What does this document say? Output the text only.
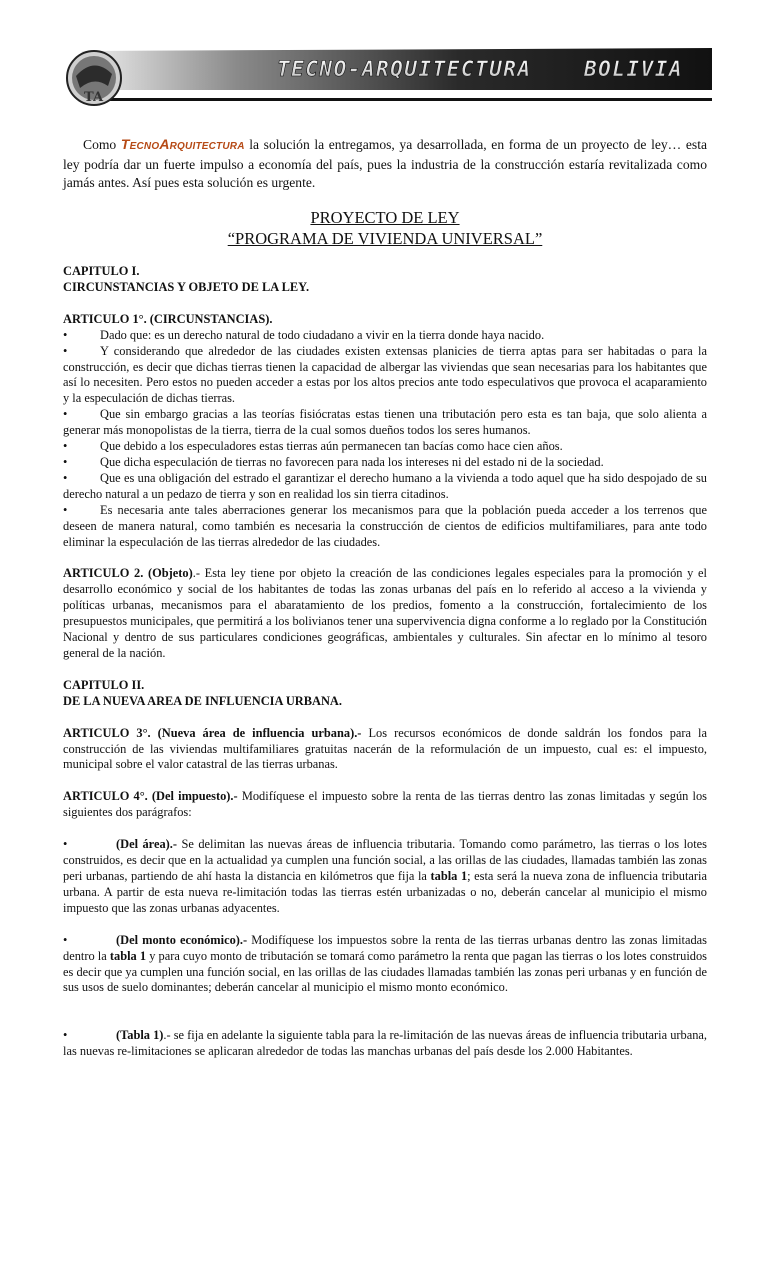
TA
TECNO-ARQUITECTURA BOLIVIA

Como TECNOARQUITECTURA la solución la entregamos, ya desarrollada, en forma de un proyecto de ley… esta ley podría dar un fuerte impulso a economía del país, pues la industria de la construcción estaría revitalizada como jamás antes. Así pues esta solución es urgente.

PROYECTO DE LEY
“PROGRAMA DE VIVIENDA UNIVERSAL”
CAPITULO I.
CIRCUNSTANCIAS Y OBJETO DE LA LEY.
ARTICULO 1°. (CIRCUNSTANCIAS).

•	Dado que: es un derecho natural de todo ciudadano a vivir en la tierra donde haya nacido.

•	Y considerando que alrededor de las ciudades existen extensas planicies de tierra aptas para ser habitadas o para la construcción, es decir que dichas tierras tienen la capacidad de albergar las viviendas que sean necesarias para los habitantes que así lo necesiten. Pero estos no pueden acceder a estas por los altos precios ante todo especulativos que provoca el acaparamiento y la especulación de dichas tierras.

•	Que sin embargo gracias a las teorías fisiócratas estas tienen una tributación pero esta es tan baja, que solo alienta a generar más monopolistas de la tierra, tierra de la cual somos dueños todos los seres humanos.

•	Que debido a los especuladores estas tierras aún permanecen tan bacías como hace cien años.

•	Que dicha especulación de tierras no favorecen para nada los intereses ni del estado ni de la sociedad.

•	Que es una obligación del estrado el garantizar el derecho humano a la vivienda a todo aquel que ha sido despojado de su derecho natural a un pedazo de tierra y son en realidad los sin tierra citadinos.

•	Es necesaria ante tales aberraciones generar los mecanismos para que la población pueda acceder a los terrenos que deseen de manera natural, como también es necesaria la construcción de cientos de edificios multifamiliares, para ante todo eliminar la especulación de las tierras alrededor de las ciudades.

ARTICULO 2. (Objeto).- Esta ley tiene por objeto la creación de las condiciones legales especiales para la promoción y el desarrollo económico y social de los habitantes de todas las zonas urbanas del país en lo referido al acceso a la vivienda y políticas urbanas, mecanismos para el abaratamiento de los predios, fomento a la construcción, fortalecimiento de los presupuestos municipales, que permitirá a los bolivianos tener una supervivencia digna conforme a lo reglado por la Constitución Nacional y dentro de sus particulares condiciones geográficas, ambientales y culturales. Sin afectar en lo mínimo al tesoro general de la nación.

CAPITULO II.
DE LA NUEVA AREA DE INFLUENCIA URBANA.

ARTICULO 3°. (Nueva área de influencia urbana).- Los recursos económicos de donde saldrán los fondos para la construcción de las viviendas multifamiliares gratuitas nacerán de la reformulación de un impuesto, cual es: el impuesto, municipal sobre el valor catastral de las tierras urbanas.

ARTICULO 4°. (Del impuesto).- Modifíquese el impuesto sobre la renta de las tierras dentro las zonas limitadas y según los siguientes dos parágrafos:

•	(Del área).- Se delimitan las nuevas áreas de influencia tributaria. Tomando como parámetro, las tierras o los lotes construidos, es decir que en la actualidad ya cumplen una función social, a las orillas de las ciudades, llamadas también las zonas peri urbanas, partiendo de ahí hasta la distancia en kilómetros que fija la tabla 1; esta será la nueva zona de influencia tributaria urbana. A partir de esta nueva re-limitación todas las tierras estén urbanizadas o no, deberán cancelar al municipio el mismo impuesto que las zonas urbanas adyacentes.

•	(Del monto económico).- Modifíquese los impuestos sobre la renta de las tierras urbanas dentro las zonas limitadas dentro la tabla 1 y para cuyo monto de tributación se tomará como parámetro la renta que pagan las tierras o los lotes construidos es decir que ya cumplen una función social, en las orillas de las ciudades llamadas también las zonas peri urbanas y en función de sus usos de suelo dominantes; deberán cancelar al municipio el mismo monto económico.

•	(Tabla 1).- se fija en adelante la siguiente tabla para la re-limitación de las nuevas áreas de influencia tributaria urbana, las nuevas re-limitaciones se aplicaran alrededor de todas las manchas urbanas del país desde los 2.000 Habitantes.
